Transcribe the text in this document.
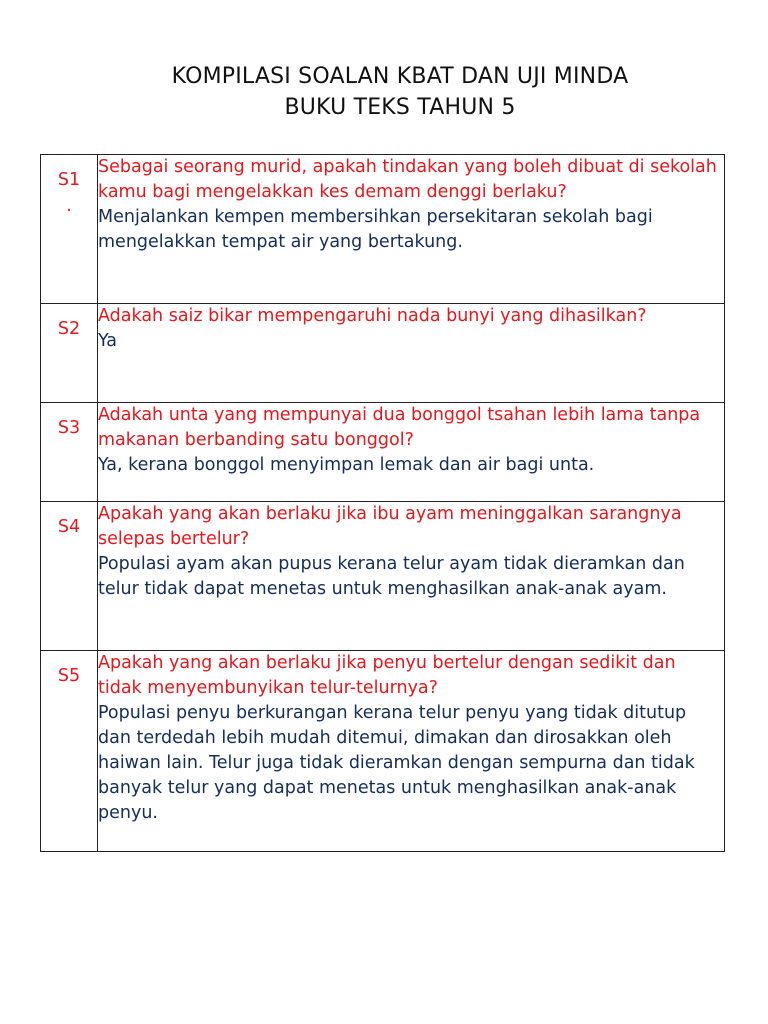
KOMPILASI SOALAN KBAT DAN UJI MINDA
BUKU TEKS TAHUN 5
S1 .	Sebagai seorang murid, apakah tindakan yang boleh dibuat di sekolah kamu bagi mengelakkan kes demam denggi berlaku?
Menjalankan kempen membersihkan persekitaran sekolah bagi mengelakkan tempat air yang bertakung.

S2	Adakah saiz bikar mempengaruhi nada bunyi yang dihasilkan?
Ya

S3	Adakah unta yang mempunyai dua bonggol tsahan lebih lama tanpa makanan berbanding satu bonggol?
Ya, kerana bonggol menyimpan lemak dan air bagi unta.

S4	Apakah yang akan berlaku jika ibu ayam meninggalkan sarangnya selepas bertelur?
Populasi ayam akan pupus kerana telur ayam tidak dieramkan dan telur tidak dapat menetas untuk menghasilkan anak-anak ayam.

S5	Apakah yang akan berlaku jika penyu bertelur dengan sedikit dan tidak menyembunyikan telur-telurnya?
Populasi penyu berkurangan kerana telur penyu yang tidak ditutup dan terdedah lebih mudah ditemui, dimakan dan dirosakkan oleh haiwan lain. Telur juga tidak dieramkan dengan sempurna dan tidak banyak telur yang dapat menetas untuk menghasilkan anak-anak penyu.
